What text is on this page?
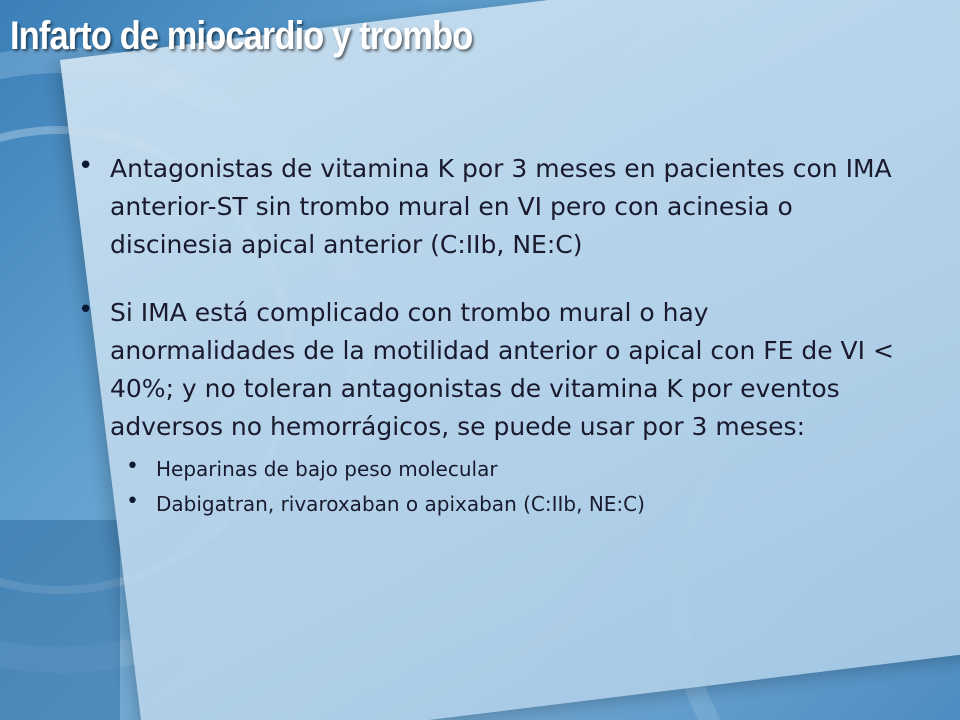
Infarto de miocardio y trombo
• Antagonistas de vitamina K por 3 meses en pacientes con IMA anterior-ST sin trombo mural en VI pero con acinesia o discinesia apical anterior (C:IIb, NE:C)
• Si IMA está complicado con trombo mural o hay anormalidades de la motilidad anterior o apical con FE de VI < 40%; y no toleran antagonistas de vitamina K por eventos adversos no hemorrágicos, se puede usar por 3 meses:
• Heparinas de bajo peso molecular
• Dabigatran, rivaroxaban o apixaban (C:IIb, NE:C)
